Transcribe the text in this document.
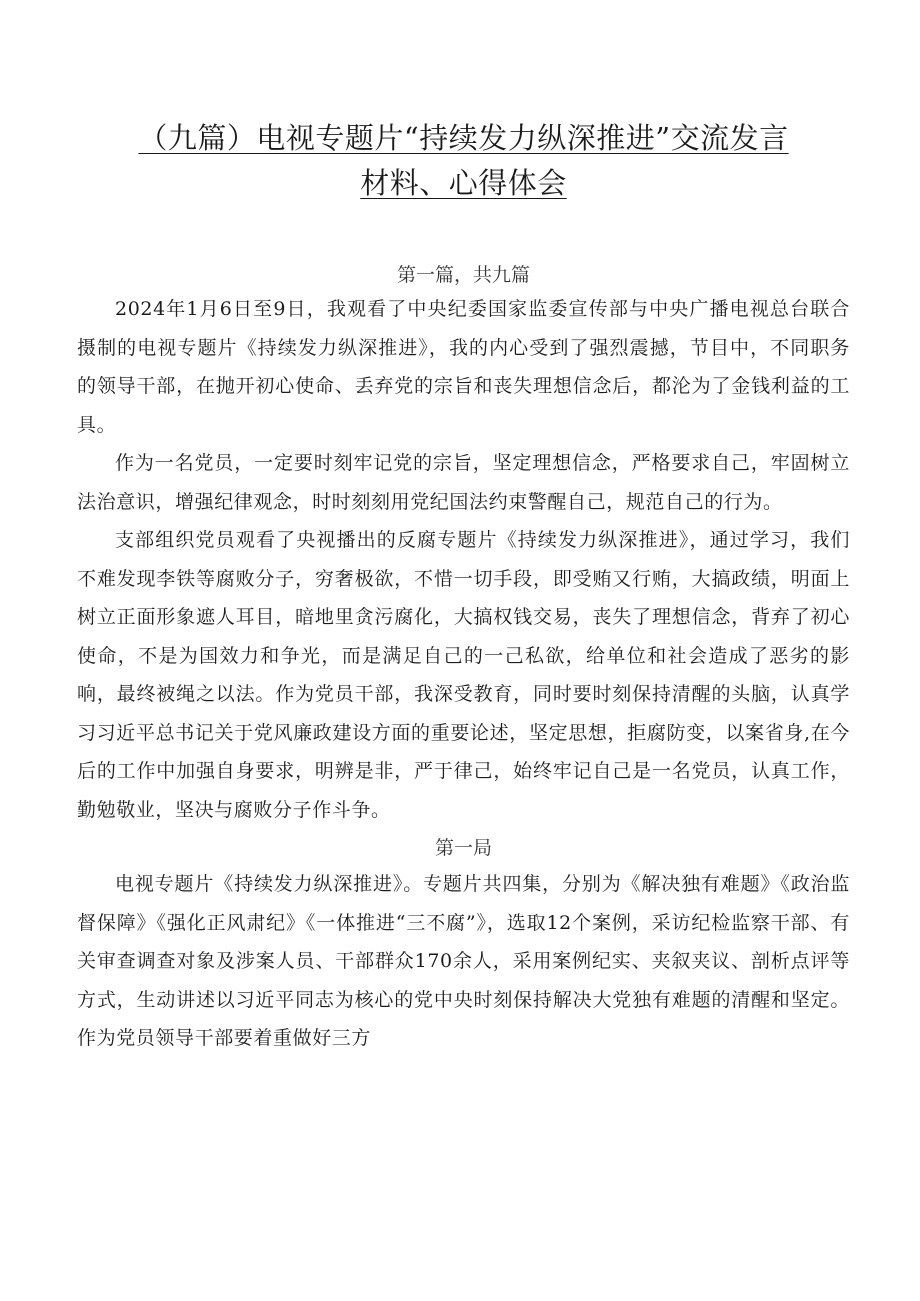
（九篇）电视专题片“持续发力纵深推进”交流发言
材料、心得体会

第一篇，共九篇

2024年1月6日至9日，我观看了中央纪委国家监委宣传部与中央广播电视总台联合摄制的电视专题片《持续发力纵深推进》，我的内心受到了强烈震撼，节目中，不同职务的领导干部，在抛开初心使命、丢弃党的宗旨和丧失理想信念后，都沦为了金钱利益的工具。

作为一名党员，一定要时刻牢记党的宗旨，坚定理想信念，严格要求自己，牢固树立法治意识，增强纪律观念，时时刻刻用党纪国法约束警醒自己，规范自己的行为。

支部组织党员观看了央视播出的反腐专题片《持续发力纵深推进》，通过学习，我们不难发现李铁等腐败分子，穷奢极欲，不惜一切手段，即受贿又行贿，大搞政绩，明面上树立正面形象遮人耳目，暗地里贪污腐化，大搞权钱交易，丧失了理想信念，背弃了初心使命，不是为国效力和争光，而是满足自己的一己私欲，给单位和社会造成了恶劣的影响，最终被绳之以法。作为党员干部，我深受教育，同时要时刻保持清醒的头脑，认真学习习近平总书记关于党风廉政建设方面的重要论述，坚定思想，拒腐防变，以案省身,在今后的工作中加强自身要求，明辨是非，严于律己，始终牢记自己是一名党员，认真工作，勤勉敬业，坚决与腐败分子作斗争。

第一局

电视专题片《持续发力纵深推进》。专题片共四集，分别为《解决独有难题》《政治监督保障》《强化正风肃纪》《一体推进“三不腐”》，选取12个案例，采访纪检监察干部、有关审查调查对象及涉案人员、干部群众170余人，采用案例纪实、夹叙夹议、剖析点评等方式，生动讲述以习近平同志为核心的党中央时刻保持解决大党独有难题的清醒和坚定。作为党员领导干部要着重做好三方
